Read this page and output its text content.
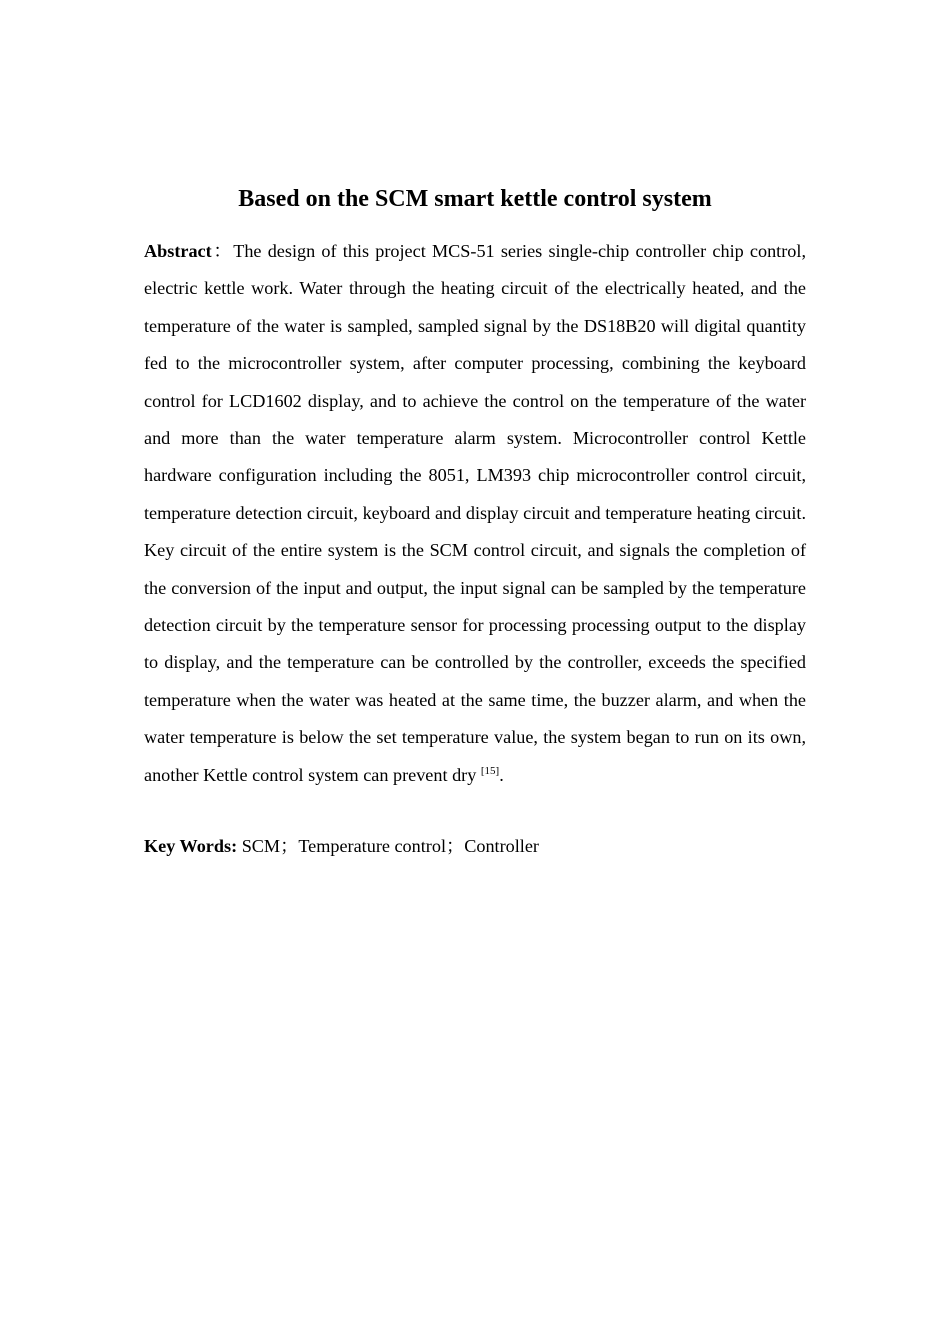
Based on the SCM smart kettle control system

Abstract：The design of this project MCS-51 series single-chip controller chip control, electric kettle work. Water through the heating circuit of the electrically heated, and the temperature of the water is sampled, sampled signal by the DS18B20 will digital quantity fed to the microcontroller system, after computer processing, combining the keyboard control for LCD1602 display, and to achieve the control on the temperature of the water and more than the water temperature alarm system. Microcontroller control Kettle hardware configuration including the 8051, LM393 chip microcontroller control circuit, temperature detection circuit, keyboard and display circuit and temperature heating circuit. Key circuit of the entire system is the SCM control circuit, and signals the completion of the conversion of the input and output, the input signal can be sampled by the temperature detection circuit by the temperature sensor for processing processing output to the display to display, and the temperature can be controlled by the controller, exceeds the specified temperature when the water was heated at the same time, the buzzer alarm, and when the water temperature is below the set temperature value, the system began to run on its own, another Kettle control system can prevent dry [15].

Key Words: SCM；Temperature control；Controller
